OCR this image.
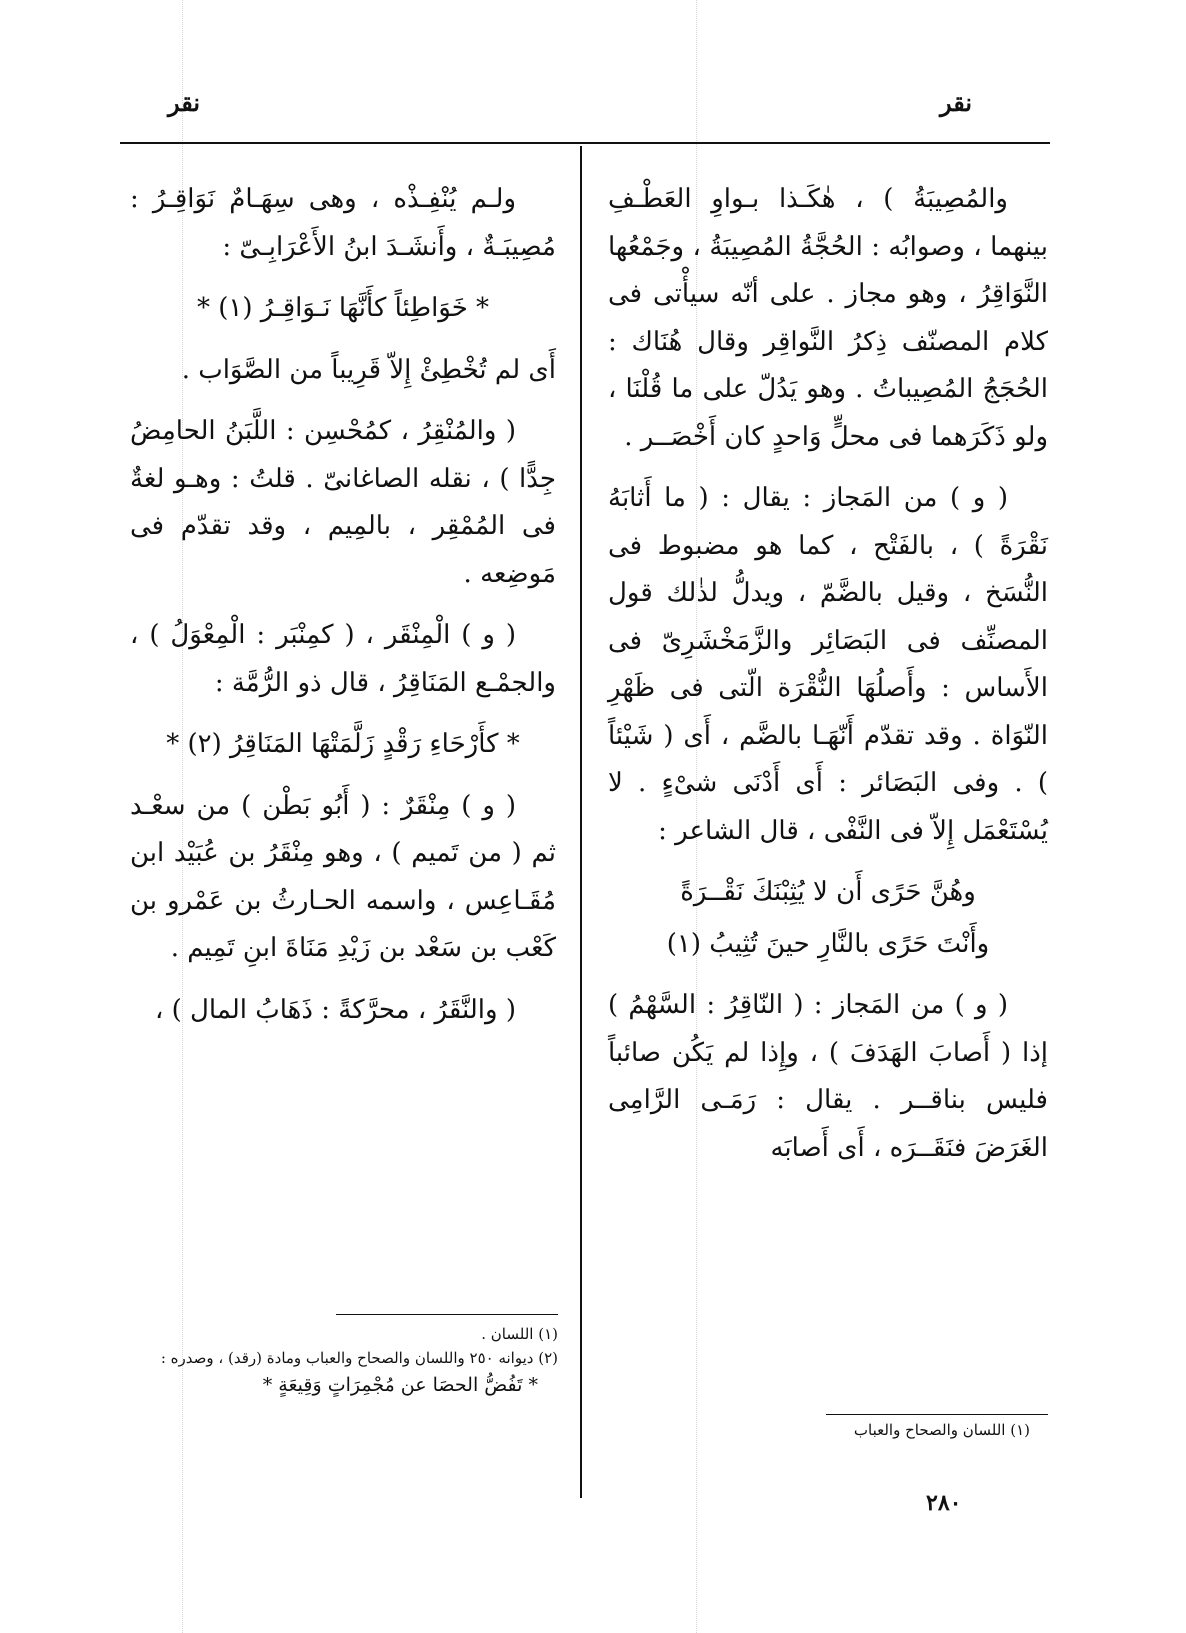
نقر
نقر

والمُصِيبَةُ ) ، هٰكَـذا بـواوِ العَطْـفِ بينهما ، وصوابُه : الحُجَّةُ المُصِيبَةُ ، وجَمْعُها النَّوَاقِرُ ، وهو مجاز . على أنّه سيأْتى فى كلام المصنّف ذِكرُ النَّواقِر وقال هُنَاك : الحُجَجُ المُصِيباتُ . وهو يَدُلّ على ما قُلْنَا ، ولو ذَكَرَهما فى محلٍّ وَاحدٍ كان أَخْصَــر .

( و ) من المَجاز : يقال : ( ما أَثابَهُ نَقْرَةً ) ، بالفَتْح ، كما هو مضبوط فى النُّسَخ ، وقيل بالضَّمّ ، ويدلُّ لذٰلك قول المصنِّف فى البَصَائِر والزَّمَخْشَرِىّ فى الأَساس : وأَصلُهَا النُّقْرَة الّتى فى ظَهْرِ النّوَاة . وقد تقدّم أَنّهَـا بالضَّم ، أَى ( شَيْئاً ) . وفى البَصَائر : أَى أَدْنَى شىْءٍ . لا يُسْتَعْمَل إِلاّ فى النَّفْى ، قال الشاعر :

وهُنَّ حَرًى أَن لا يُثِبْنَكَ نَقْــرَةً

وأَنْتَ حَرًى بالنَّارِ حينَ تُثِيبُ (١)

( و ) من المَجاز : ( النّاقِرُ : السَّهْمُ ) إذا ( أَصابَ الهَدَفَ ) ، وإِذا لم يَكُن صائباً فليس بناقــر . يقال : رَمَـى الرَّامِى الغَرَضَ فنَقَــرَه ، أَى أَصابَه

(١) اللسان والصحاح والعباب

ولـم يُنْفِـذْه ، وهى سِهَـامٌ نَوَاقِـرُ : مُصِيبَـةٌ ، وأَنشَـدَ ابنُ الأَعْرَابِـىّ :

* خَوَاطِئاً كأَنَّهَا نَـوَاقِـرُ (١) *

أَى لم تُخْطِئْ إِلاّ قَرِيباً من الصَّوَاب .

( والمُنْقِرُ ، كمُحْسِن : اللَّبَنُ الحامِضُ جِدًّا ) ، نقله الصاغانىّ . قلتُ : وهـو لغةٌ فى المُمْقِر ، بالمِيم ، وقد تقدّم فى مَوضِعه .

( و ) الْمِنْقَر ، ( كمِنْبَر : الْمِعْوَلُ ) ، والجمْـع المَنَاقِرُ ، قال ذو الرُّمَّة :

* كأَرْحَاءِ رَقْدٍ زَلَّمَتْهَا المَنَاقِرُ (٢) *

( و ) مِنْقَرٌ : ( أَبُو بَطْن ) من سعْـد ثم ( من تَميم ) ، وهو مِنْقَرُ بن عُبَيْد ابن مُقَـاعِس ، واسمه الحـارثُ بن عَمْرو بن كَعْب بن سَعْد بن زَيْدِ مَنَاةَ ابنِ تَمِيم .

( والنَّقَرُ ، محرَّكةً : ذَهَابُ المال ) ،

(١) اللسان .

(٢) ديوانه ٢٥٠ واللسان والصحاح والعباب ومادة (رقد) ، وصدره :

* تَفُضُّ الحصَا عن مُجْمِرَاتٍ وَقِيعَةٍ *

٢٨٠
